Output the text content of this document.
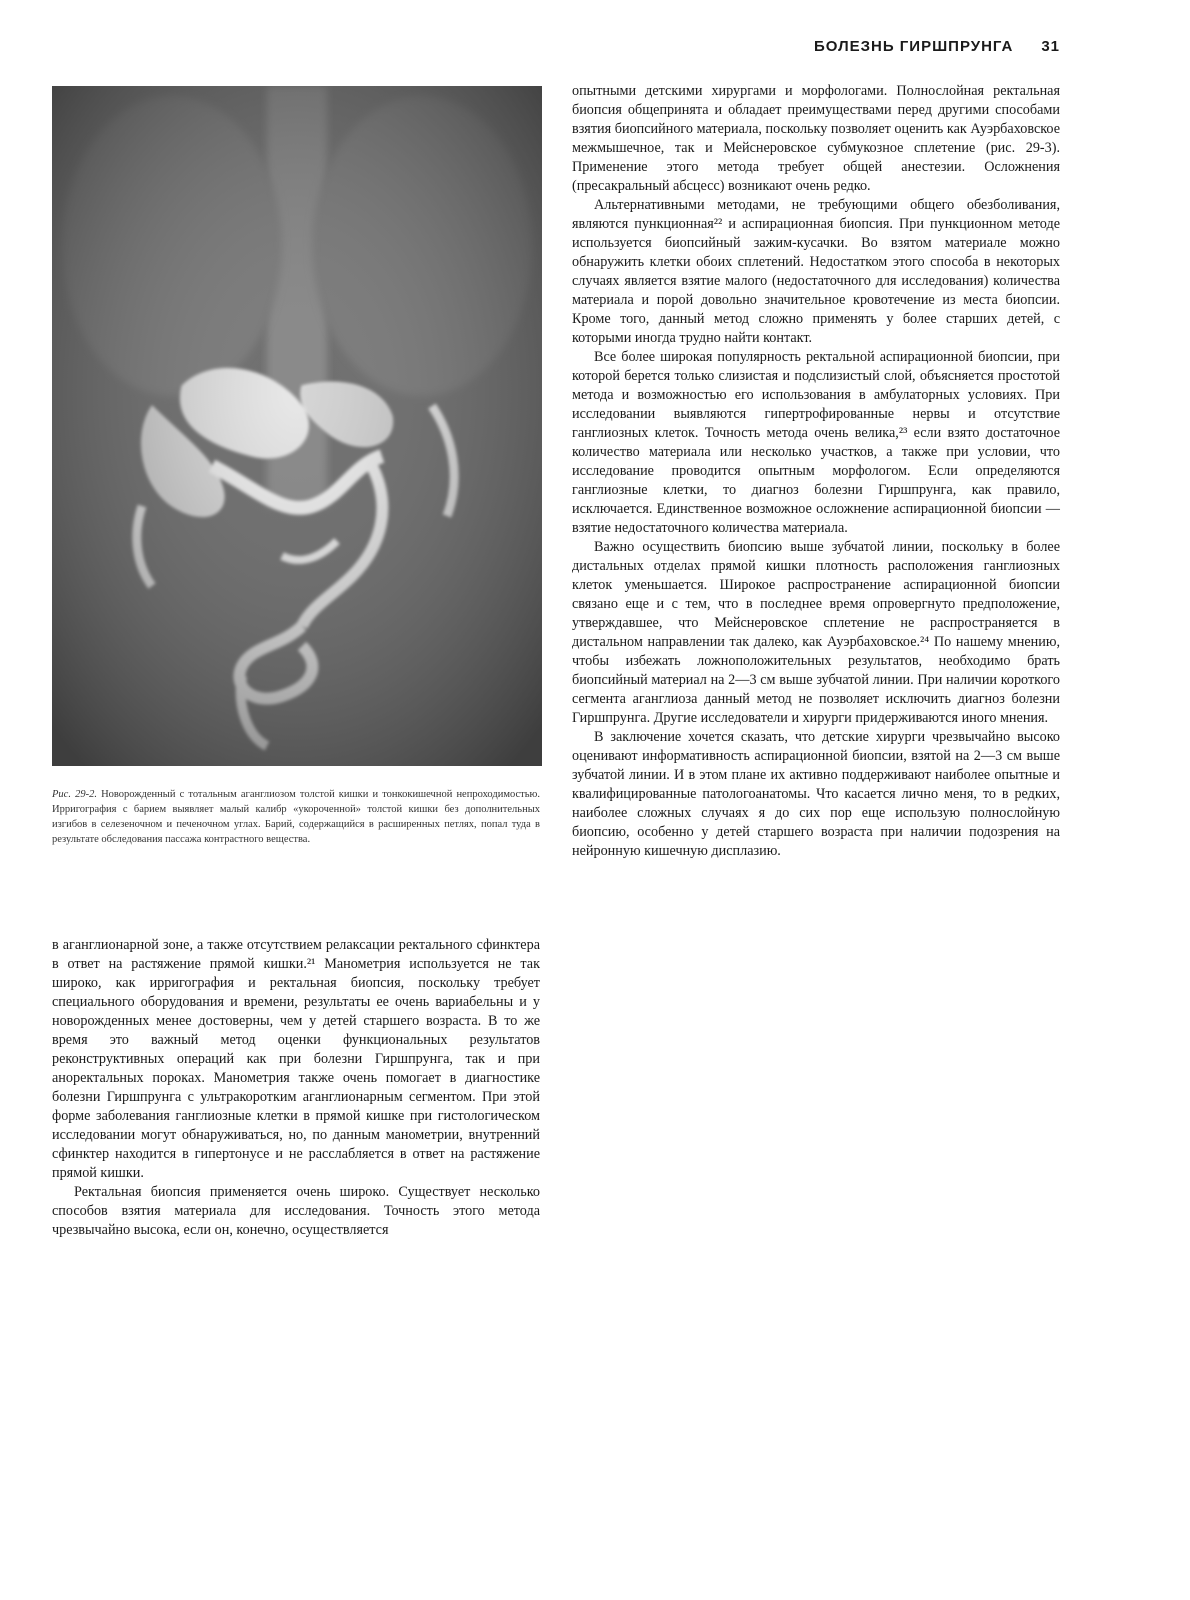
БОЛЕЗНЬ ГИРШПРУНГА 31
Рис. 29-2. Новорожденный с тотальным аганглиозом толстой кишки и тонкокишечной непроходимостью. Ирригография с барием выявляет малый калибр «укороченной» толстой кишки без дополнительных изгибов в селезеночном и печеночном углах. Барий, содержащийся в расширенных петлях, попал туда в результате обследования пассажа контрастного вещества.

в аганглионарной зоне, а также отсутствием релаксации ректального сфинктера в ответ на растяжение прямой кишки.²¹ Манометрия используется не так широко, как ирригография и ректальная биопсия, поскольку требует специального оборудования и времени, результаты ее очень вариабельны и у новорожденных менее достоверны, чем у детей старшего возраста. В то же время это важный метод оценки функциональных результатов реконструктивных операций как при болезни Гиршпрунга, так и при аноректальных пороках. Манометрия также очень помогает в диагностике болезни Гиршпрунга с ультракоротким аганглионарным сегментом. При этой форме заболевания ганглиозные клетки в прямой кишке при гистологическом исследовании могут обнаруживаться, но, по данным манометрии, внутренний сфинктер находится в гипертонусе и не расслабляется в ответ на растяжение прямой кишки.

Ректальная биопсия применяется очень широко. Существует несколько способов взятия материала для исследования. Точность этого метода чрезвычайно высока, если он, конечно, осуществляется

опытными детскими хирургами и морфологами. Полнослойная ректальная биопсия общепринята и обладает преимуществами перед другими способами взятия биопсийного материала, поскольку позволяет оценить как Ауэрбаховское межмышечное, так и Мейснеровское субмукозное сплетение (рис. 29-3). Применение этого метода требует общей анестезии. Осложнения (пресакральный абсцесс) возникают очень редко.

Альтернативными методами, не требующими общего обезболивания, являются пункционная²² и аспирационная биопсия. При пункционном методе используется биопсийный зажим-кусачки. Во взятом материале можно обнаружить клетки обоих сплетений. Недостатком этого способа в некоторых случаях является взятие малого (недостаточного для исследования) количества материала и порой довольно значительное кровотечение из места биопсии. Кроме того, данный метод сложно применять у более старших детей, с которыми иногда трудно найти контакт.

Все более широкая популярность ректальной аспирационной биопсии, при которой берется только слизистая и подслизистый слой, объясняется простотой метода и возможностью его использования в амбулаторных условиях. При исследовании выявляются гипертрофированные нервы и отсутствие ганглиозных клеток. Точность метода очень велика,²³ если взято достаточное количество материала или несколько участков, а также при условии, что исследование проводится опытным морфологом. Если определяются ганглиозные клетки, то диагноз болезни Гиршпрунга, как правило, исключается. Единственное возможное осложнение аспирационной биопсии — взятие недостаточного количества материала.

Важно осуществить биопсию выше зубчатой линии, поскольку в более дистальных отделах прямой кишки плотность расположения ганглиозных клеток уменьшается. Широкое распространение аспирационной биопсии связано еще и с тем, что в последнее время опровергнуто предположение, утверждавшее, что Мейснеровское сплетение не распространяется в дистальном направлении так далеко, как Ауэрбаховское.²⁴ По нашему мнению, чтобы избежать ложноположительных результатов, необходимо брать биопсийный материал на 2—3 см выше зубчатой линии. При наличии короткого сегмента аганглиоза данный метод не позволяет исключить диагноз болезни Гиршпрунга. Другие исследователи и хирурги придерживаются иного мнения.

В заключение хочется сказать, что детские хирурги чрезвычайно высоко оценивают информативность аспирационной биопсии, взятой на 2—3 см выше зубчатой линии. И в этом плане их активно поддерживают наиболее опытные и квалифицированные патологоанатомы. Что касается лично меня, то в редких, наиболее сложных случаях я до сих пор еще использую полнослойную биопсию, особенно у детей старшего возраста при наличии подозрения на нейронную кишечную дисплазию.
